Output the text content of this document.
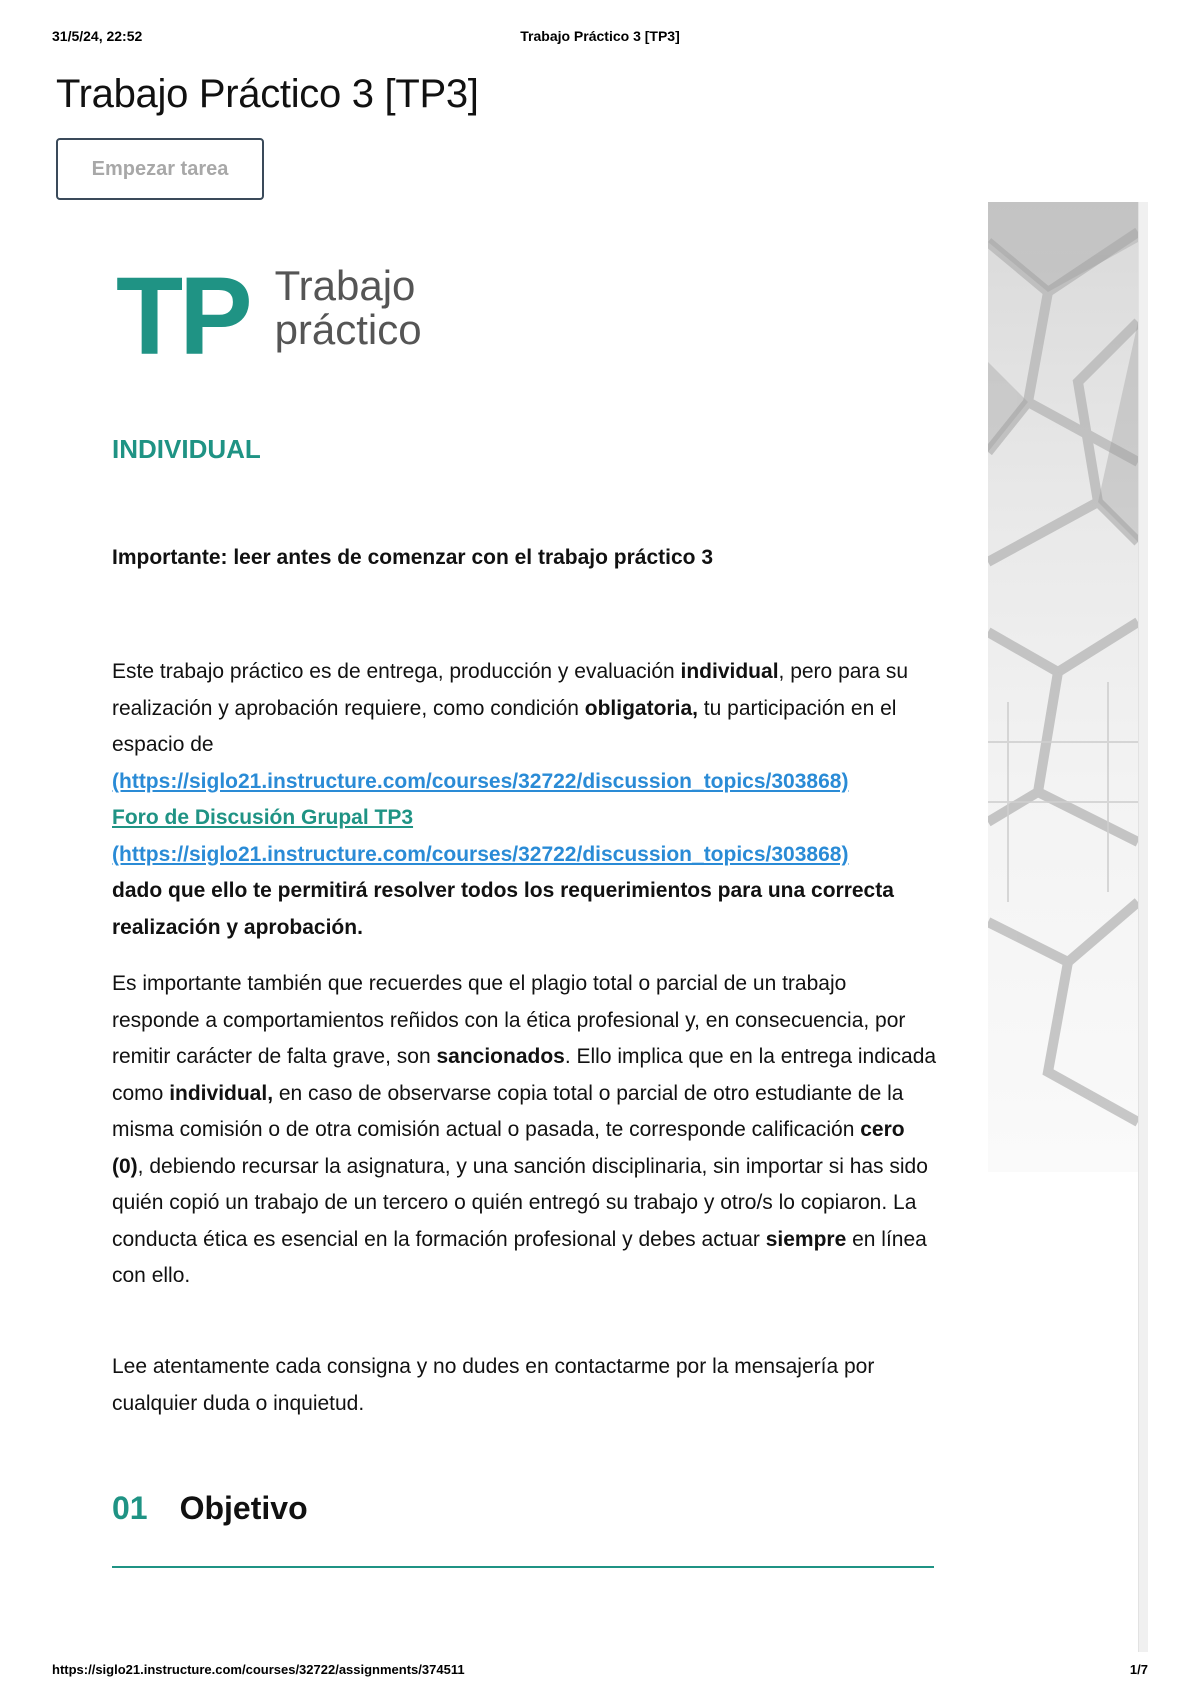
31/5/24, 22:52	Trabajo Práctico 3 [TP3]
Trabajo Práctico 3 [TP3]
Empezar tarea
TP Trabajo
práctico
INDIVIDUAL
Importante: leer antes de comenzar con el trabajo práctico 3
Este trabajo práctico es de entrega, producción y evaluación individual, pero para su realización y aprobación requiere, como condición obligatoria, tu participación en el espacio de
(https://siglo21.instructure.com/courses/32722/discussion_topics/303868)
Foro de Discusión Grupal TP3
(https://siglo21.instructure.com/courses/32722/discussion_topics/303868)
dado que ello te permitirá resolver todos los requerimientos para una correcta realización y aprobación.
Es importante también que recuerdes que el plagio total o parcial de un trabajo responde a comportamientos reñidos con la ética profesional y, en consecuencia, por remitir carácter de falta grave, son sancionados. Ello implica que en la entrega indicada como individual, en caso de observarse copia total o parcial de otro estudiante de la misma comisión o de otra comisión actual o pasada, te corresponde calificación cero (0), debiendo recursar la asignatura, y una sanción disciplinaria, sin importar si has sido quién copió un trabajo de un tercero o quién entregó su trabajo y otro/s lo copiaron. La conducta ética es esencial en la formación profesional y debes actuar siempre en línea con ello.
Lee atentamente cada consigna y no dudes en contactarme por la mensajería por cualquier duda o inquietud.
01 Objetivo
https://siglo21.instructure.com/courses/32722/assignments/374511	1/7
